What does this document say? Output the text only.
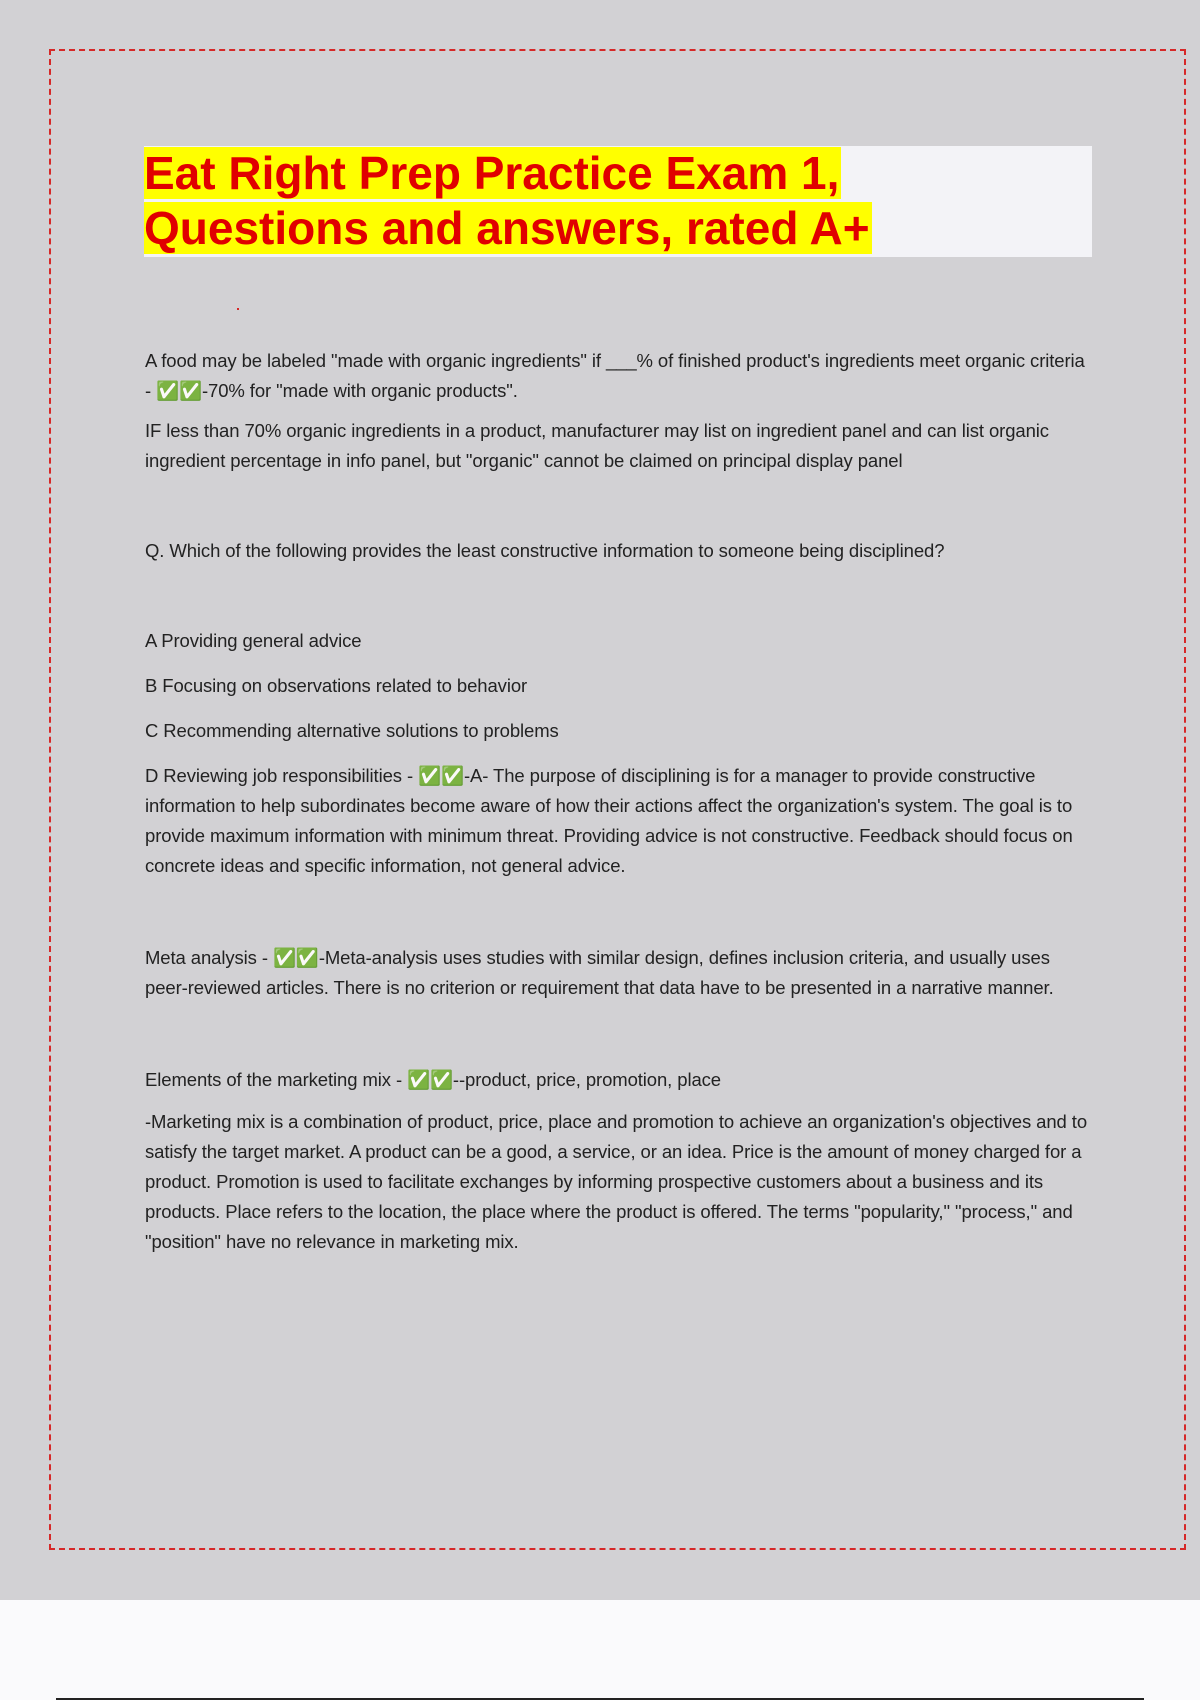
Eat Right Prep Practice Exam 1,
Questions and answers, rated A+

A food may be labeled "made with organic ingredients" if ___% of finished product's ingredients meet organic criteria - ✅✅-70% for "made with organic products".

IF less than 70% organic ingredients in a product, manufacturer may list on ingredient panel and can list organic ingredient percentage in info panel, but "organic" cannot be claimed on principal display panel

Q. Which of the following provides the least constructive information to someone being disciplined?

A Providing general advice

B Focusing on observations related to behavior

C Recommending alternative solutions to problems

D Reviewing job responsibilities - ✅✅-A- The purpose of disciplining is for a manager to provide constructive information to help subordinates become aware of how their actions affect the organization's system. The goal is to provide maximum information with minimum threat. Providing advice is not constructive. Feedback should focus on concrete ideas and specific information, not general advice.

Meta analysis - ✅✅-Meta-analysis uses studies with similar design, defines inclusion criteria, and usually uses peer-reviewed articles. There is no criterion or requirement that data have to be presented in a narrative manner.

Elements of the marketing mix - ✅✅--product, price, promotion, place

-Marketing mix is a combination of product, price, place and promotion to achieve an organization's objectives and to satisfy the target market. A product can be a good, a service, or an idea. Price is the amount of money charged for a product. Promotion is used to facilitate exchanges by informing prospective customers about a business and its products. Place refers to the location, the place where the product is offered. The terms "popularity," "process," and "position" have no relevance in marketing mix.
